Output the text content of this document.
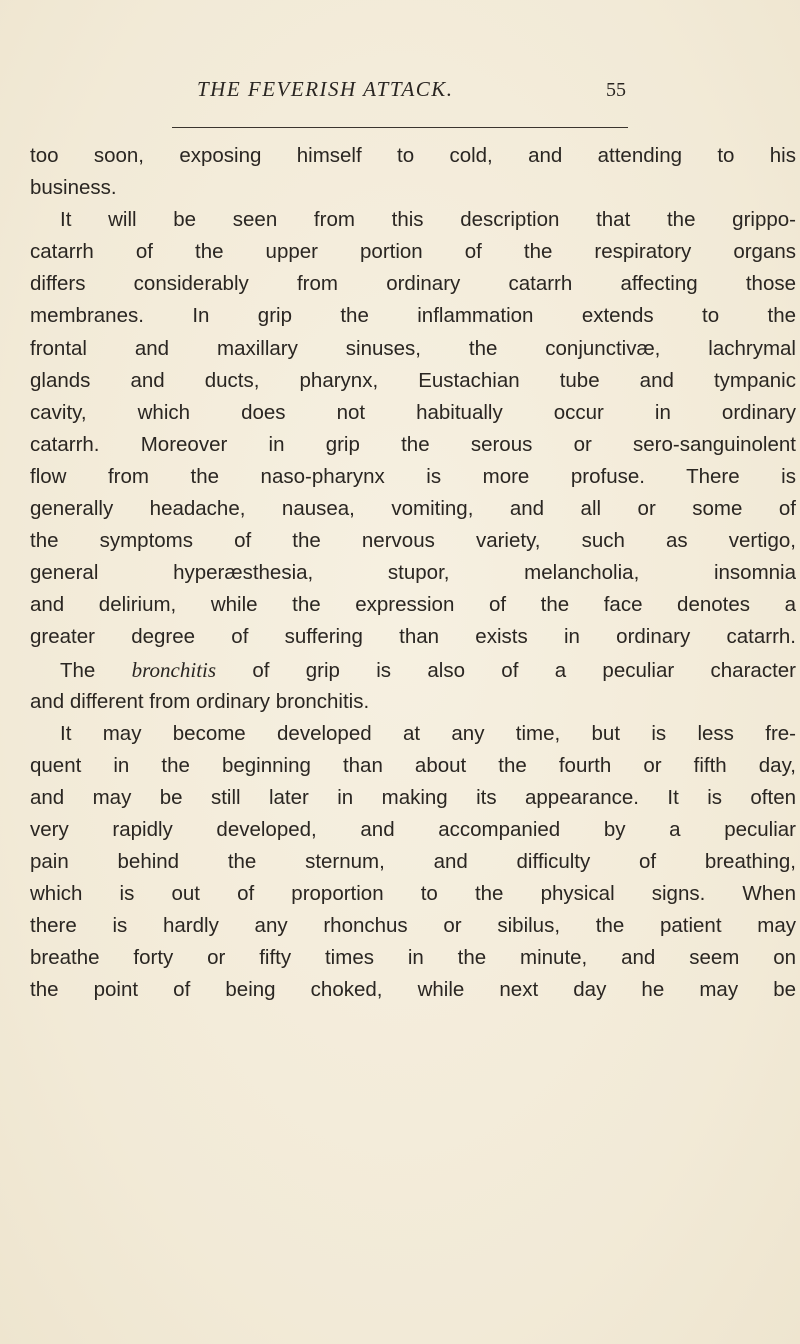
THE FEVERISH ATTACK.	55
too soon, exposing himself to cold, and attending to his
business.
It will be seen from this description that the grippo-
catarrh of the upper portion of the respiratory organs
differs considerably from ordinary catarrh affecting those
membranes. In grip the inflammation extends to the
frontal and maxillary sinuses, the conjunctivæ, lachrymal
glands and ducts, pharynx, Eustachian tube and tympanic
cavity, which does not habitually occur in ordinary
catarrh. Moreover in grip the serous or sero-sanguinolent
flow from the naso-pharynx is more profuse. There is
generally headache, nausea, vomiting, and all or some of
the symptoms of the nervous variety, such as vertigo,
general hyperæsthesia, stupor, melancholia, insomnia
and delirium, while the expression of the face denotes a
greater degree of suffering than exists in ordinary catarrh.
The bronchitis of grip is also of a peculiar character
and different from ordinary bronchitis.
It may become developed at any time, but is less fre-
quent in the beginning than about the fourth or fifth day,
and may be still later in making its appearance. It is often
very rapidly developed, and accompanied by a peculiar
pain behind the sternum, and difficulty of breathing,
which is out of proportion to the physical signs. When
there is hardly any rhonchus or sibilus, the patient may
breathe forty or fifty times in the minute, and seem on
the point of being choked, while next day he may be
